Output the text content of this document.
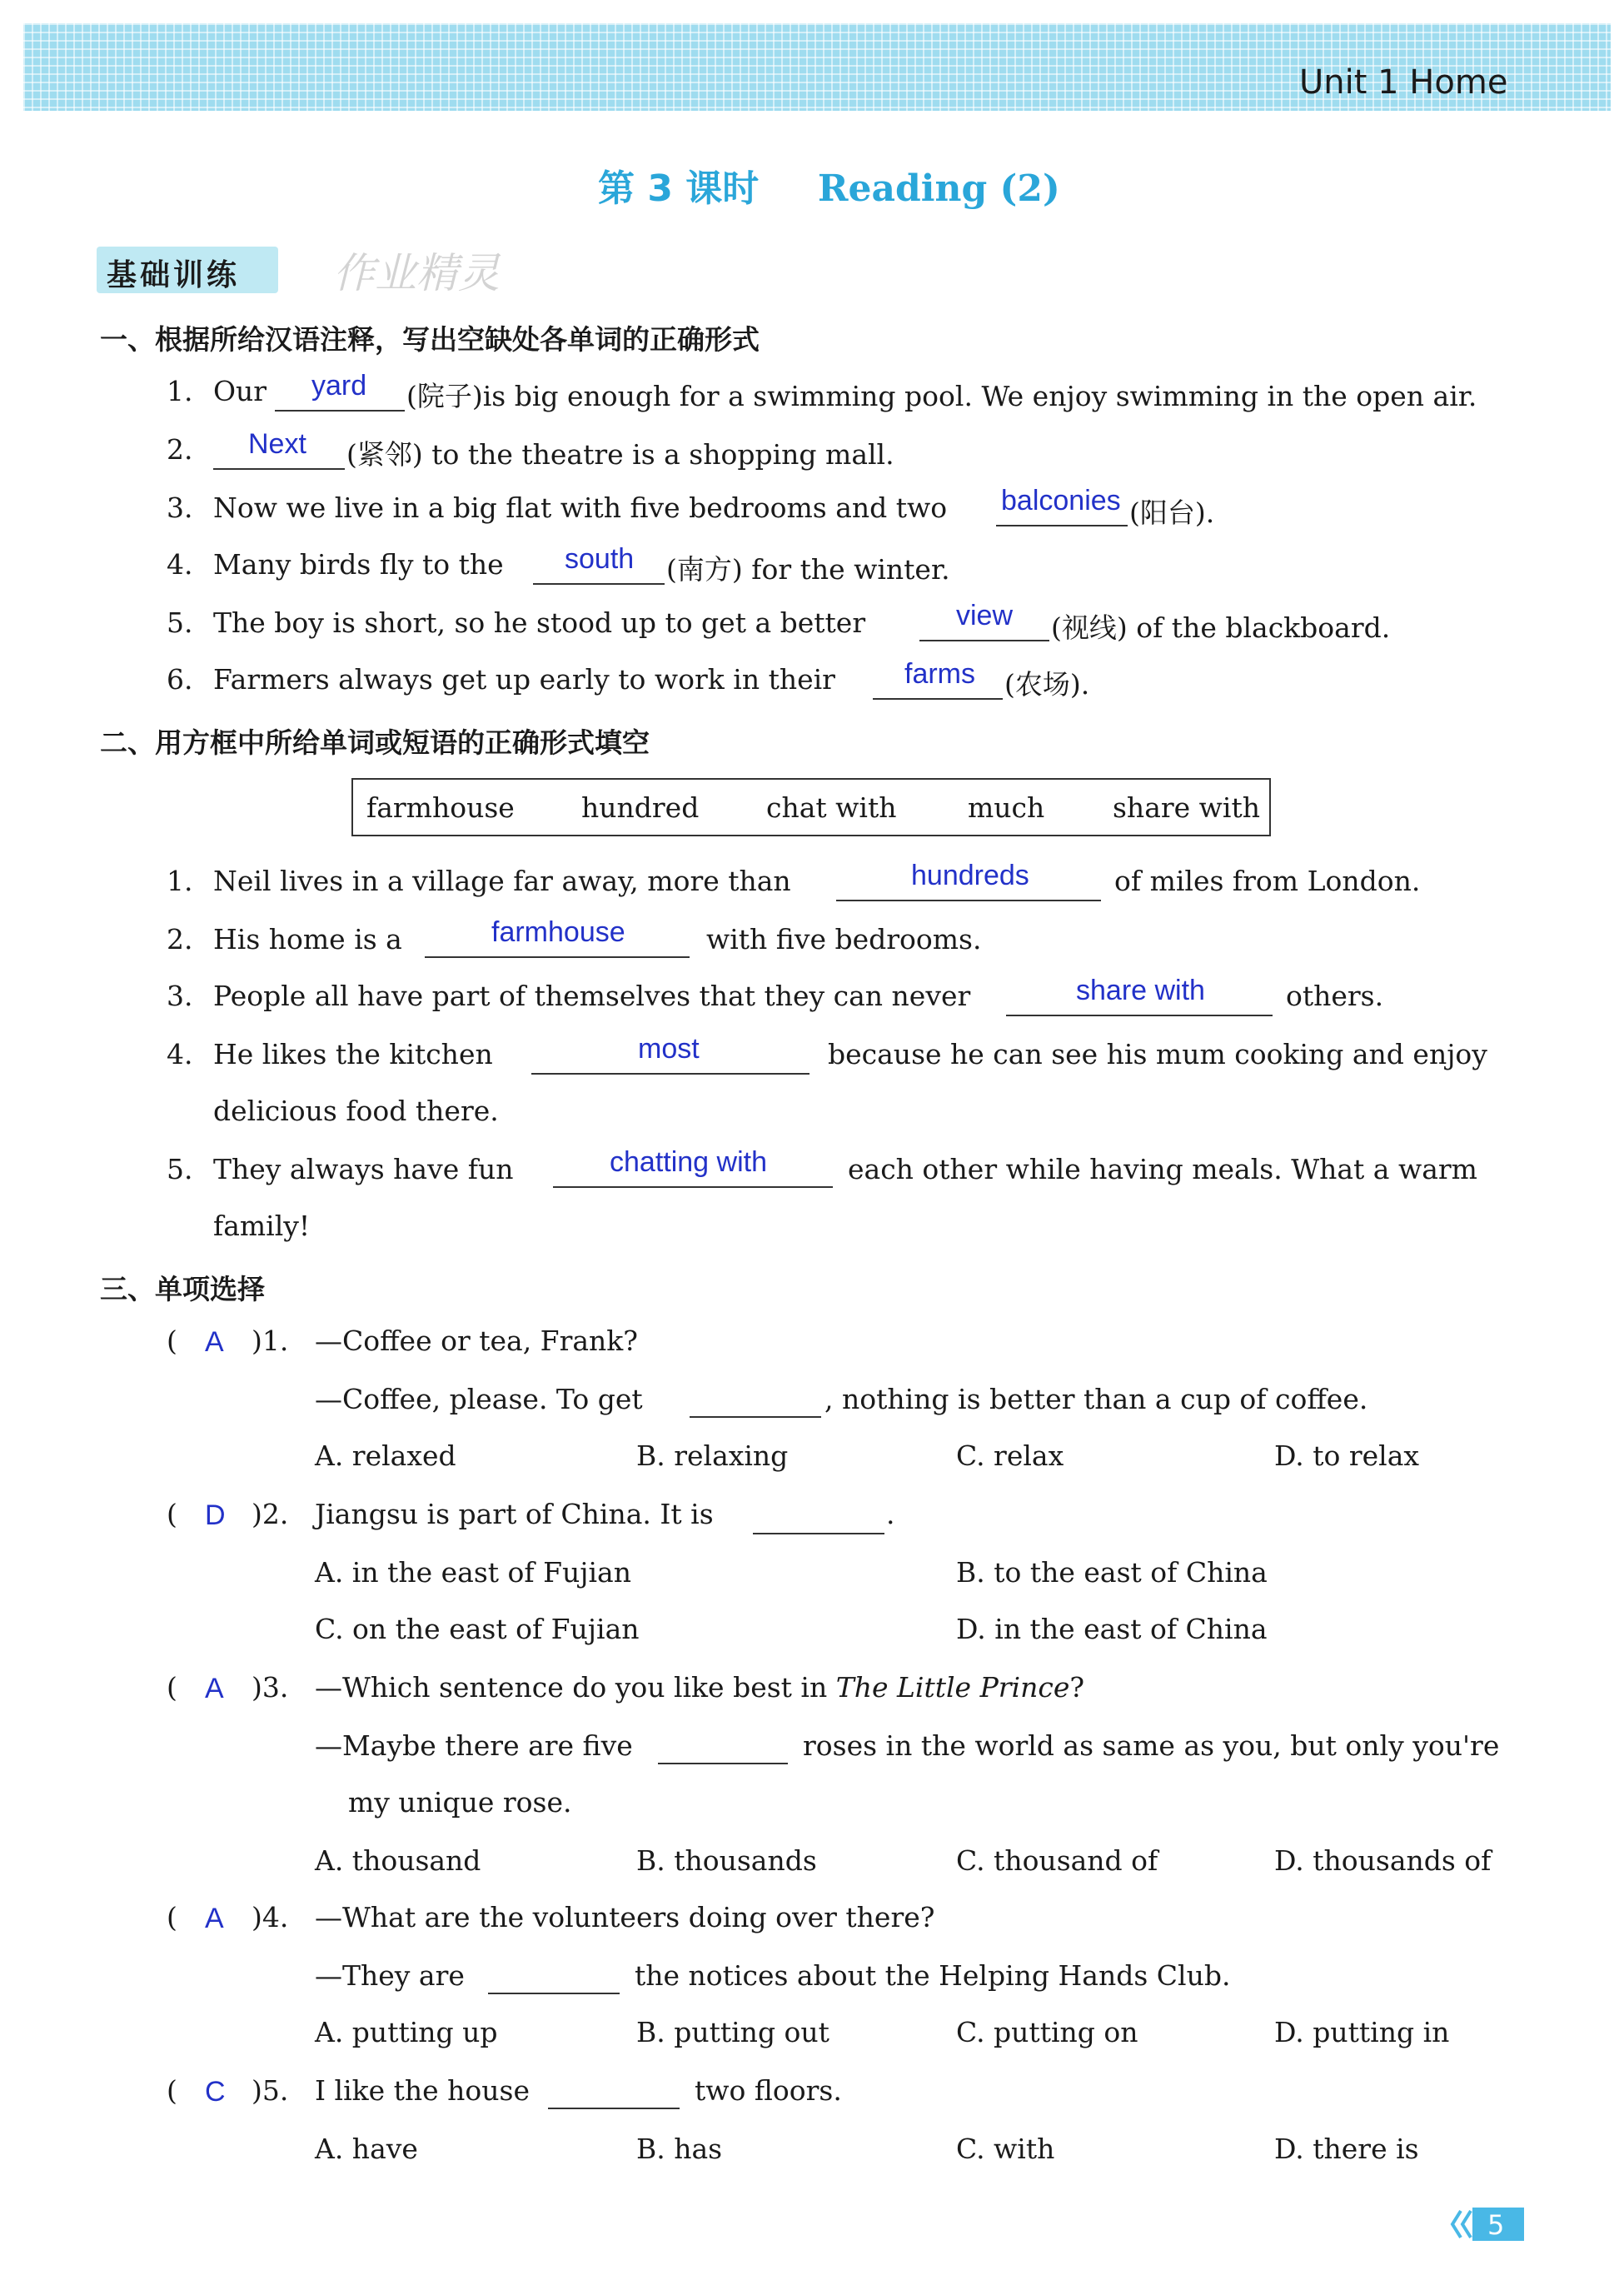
Unit 1 Home
第 3 课时 Reading (2)
基础训练 作业精灵
一、根据所给汉语注释，写出空缺处各单词的正确形式
1. Our yard (院子)is big enough for a swimming pool. We enjoy swimming in the open air.
2. Next (紧邻) to the theatre is a shopping mall.
3. Now we live in a big flat with five bedrooms and two balconies (阳台).
4. Many birds fly to the south (南方) for the winter.
5. The boy is short, so he stood up to get a better	view (视线) of the blackboard.
6. Farmers always get up early to work in their farms (农场).
二、用方框中所给单词或短语的正确形式填空
farmhouse hundred chat with	much share with
1. Neil lives in a village far away, more than	hundreds	of miles from London.
2. His home is a	farmhouse	with five bedrooms.
3. People all have part of themselves that they can never	share with	others.
4. He likes the kitchen	most	because he can see his mum cooking and enjoy
delicious food there.
5. They always have fun	chatting with	each other while having meals. What a warm
family!
三、单项选择
( A )1. —Coffee or tea, Frank?
—Coffee, please. To get	, nothing is better than a cup of coffee.
A. relaxed	B. relaxing	C. relax	D. to relax
( D )2. Jiangsu is part of China. It is	.
A. in the east of Fujian	B. to the east of China
C. on the east of Fujian	D. in the east of China
( A )3. —Which sentence do you like best in The Little Prince?
—Maybe there are five	roses in the world as same as you, but only you're
my unique rose.
A. thousand	B. thousands	C. thousand of	D. thousands of
( A )4. —What are the volunteers doing over there?
—They are	the notices about the Helping Hands Club.
A. putting up	B. putting out	C. putting on	D. putting in
( C )5. I like the house	two floors.
A. have	B. has	C. with	D. there is
5
